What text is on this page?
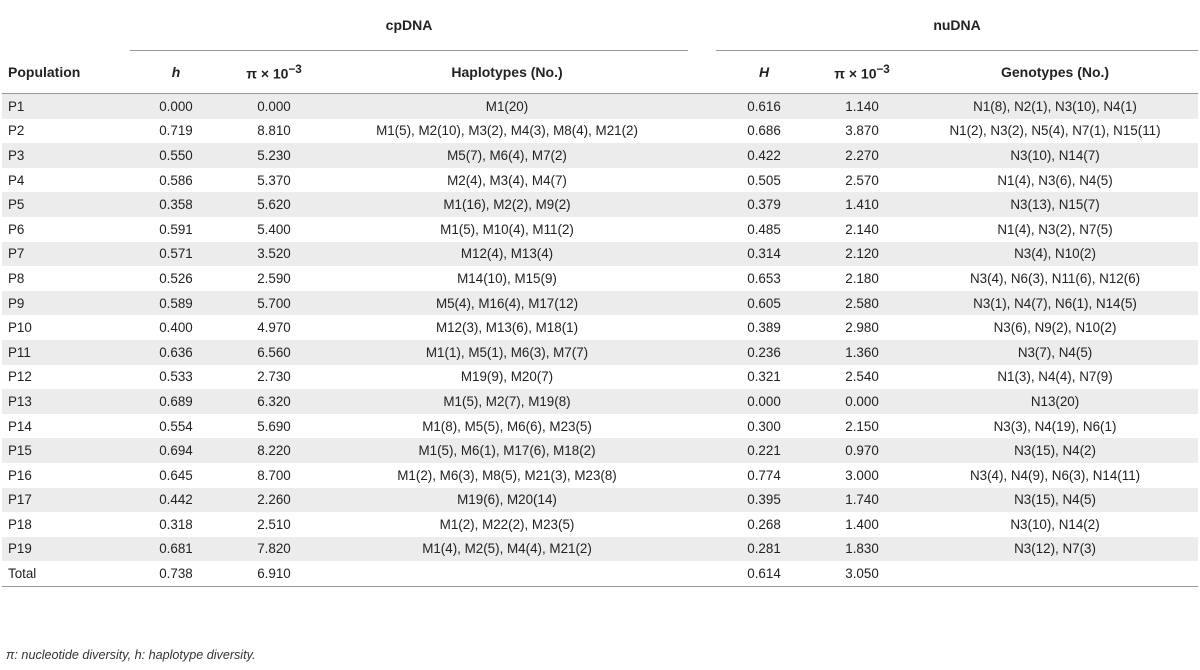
	cpDNA				nuDNA		

Population	h	$\pi \times 10^{-3}$	Haplotypes (No.)		H	$\pi \times 10^{-3}$	Genotypes (No.)
P1	0.000	0.000	M1(20)		0.616	1.140	N1(8), N2(1), N3(10), N4(1)
P2	0.719	8.810	M1(5), M2(10), M3(2), M4(3), M8(4), M21(2)		0.686	3.870	N1(2), N3(2), N5(4), N7(1), N15(11)
P3	0.550	5.230	M5(7), M6(4), M7(2)		0.422	2.270	N3(10), N14(7)
P4	0.586	5.370	M2(4), M3(4), M4(7)		0.505	2.570	N1(4), N3(6), N4(5)
P5	0.358	5.620	M1(16), M2(2), M9(2)		0.379	1.410	N3(13), N15(7)
P6	0.591	5.400	M1(5), M10(4), M11(2)		0.485	2.140	N1(4), N3(2), N7(5)
P7	0.571	3.520	M12(4), M13(4)		0.314	2.120	N3(4), N10(2)
P8	0.526	2.590	M14(10), M15(9)		0.653	2.180	N3(4), N6(3), N11(6), N12(6)
P9	0.589	5.700	M5(4), M16(4), M17(12)		0.605	2.580	N3(1), N4(7), N6(1), N14(5)
P10	0.400	4.970	M12(3), M13(6), M18(1)		0.389	2.980	N3(6), N9(2), N10(2)
P11	0.636	6.560	M1(1), M5(1), M6(3), M7(7)		0.236	1.360	N3(7), N4(5)
P12	0.533	2.730	M19(9), M20(7)		0.321	2.540	N1(3), N4(4), N7(9)
P13	0.689	6.320	M1(5), M2(7), M19(8)		0.000	0.000	N13(20)
P14	0.554	5.690	M1(8), M5(5), M6(6), M23(5)		0.300	2.150	N3(3), N4(19), N6(1)
P15	0.694	8.220	M1(5), M6(1), M17(6), M18(2)		0.221	0.970	N3(15), N4(2)
P16	0.645	8.700	M1(2), M6(3), M8(5), M21(3), M23(8)		0.774	3.000	N3(4), N4(9), N6(3), N14(11)
P17	0.442	2.260	M19(6), M20(14)		0.395	1.740	N3(15), N4(5)
P18	0.318	2.510	M1(2), M22(2), M23(5)		0.268	1.400	N3(10), N14(2)
P19	0.681	7.820	M1(4), M2(5), M4(4), M21(2)		0.281	1.830	N3(12), N7(3)
Total	0.738	6.910			0.614	3.050	
π: nucleotide diversity, h: haplotype diversity.
